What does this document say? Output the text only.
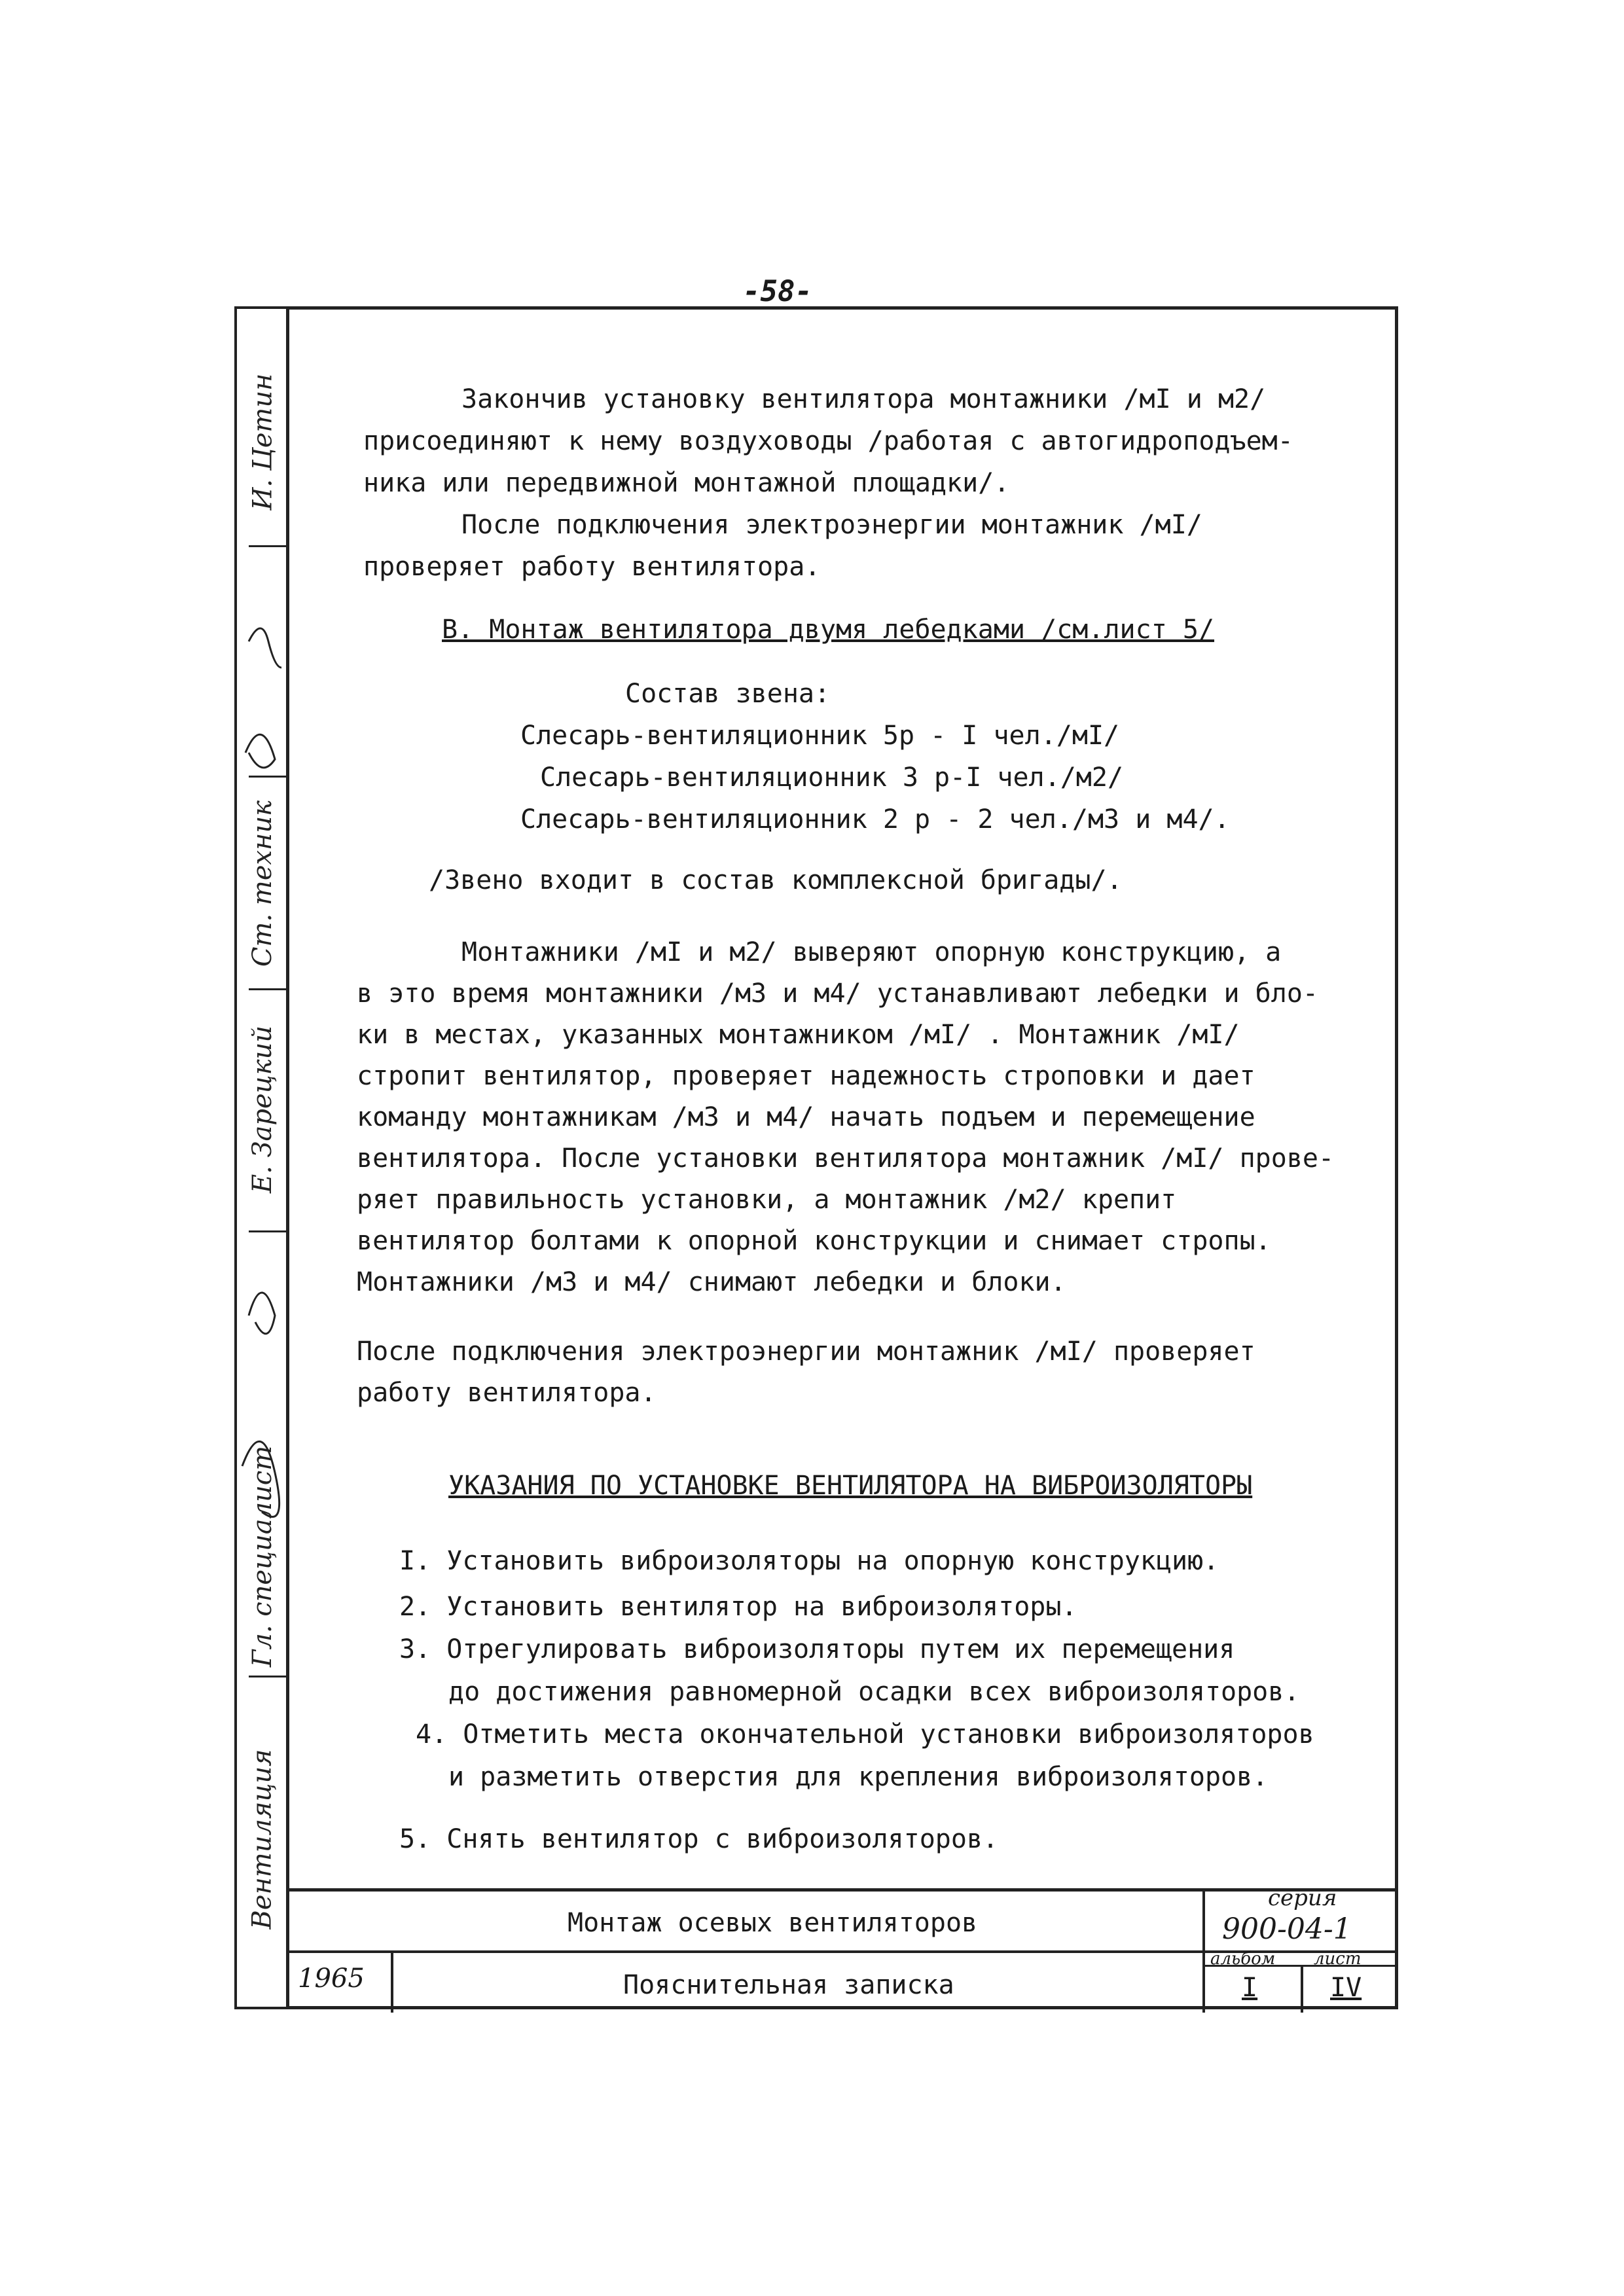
-58-
И. Цетин
Ст. техник
Е. Зарецкий
Гл. специалист
Вентиляция
Закончив установку вентилятора монтажники /мI и м2/
присоединяют к нему воздуховоды /работая с автогидроподъем-
ника или передвижной монтажной площадки/.
После подключения электроэнергии монтажник /мI/
проверяет работу вентилятора.
В. Монтаж вентилятора двумя лебедками /см.лист 5/
Состав звена:
Слесарь-вентиляционник 5р - I чел./мI/
Слесарь-вентиляционник 3 р-I чел./м2/
Слесарь-вентиляционник 2 р - 2 чел./м3 и м4/.
/Звено входит в состав комплексной бригады/.
Монтажники /мI и м2/ выверяют опорную конструкцию, а
в это время монтажники /м3 и м4/ устанавливают лебедки и бло-
ки в местах, указанных монтажником /мI/ . Монтажник /мI/
стропит вентилятор, проверяет надежность строповки и дает
команду монтажникам /м3 и м4/ начать подъем и перемещение
вентилятора. После установки вентилятора монтажник /мI/ прове-
ряет правильность установки, а монтажник /м2/ крепит
вентилятор болтами к опорной конструкции и снимает стропы.
Монтажники /м3 и м4/ снимают лебедки и блоки.
После подключения электроэнергии монтажник /мI/ проверяет
работу вентилятора.
УКАЗАНИЯ ПО УСТАНОВКЕ ВЕНТИЛЯТОРА НА ВИБРОИЗОЛЯТОРЫ
I. Установить виброизоляторы на опорную конструкцию.
2. Установить вентилятор на виброизоляторы.
3. Отрегулировать виброизоляторы путем их перемещения
до достижения равномерной осадки всех виброизоляторов.
4. Отметить места окончательной установки виброизоляторов
и разметить отверстия для крепления виброизоляторов.
5. Снять вентилятор с виброизоляторов.
Монтаж осевых вентиляторов
Пояснительная записка
1965
серия
900-04-1
альбом лист
I	IV
